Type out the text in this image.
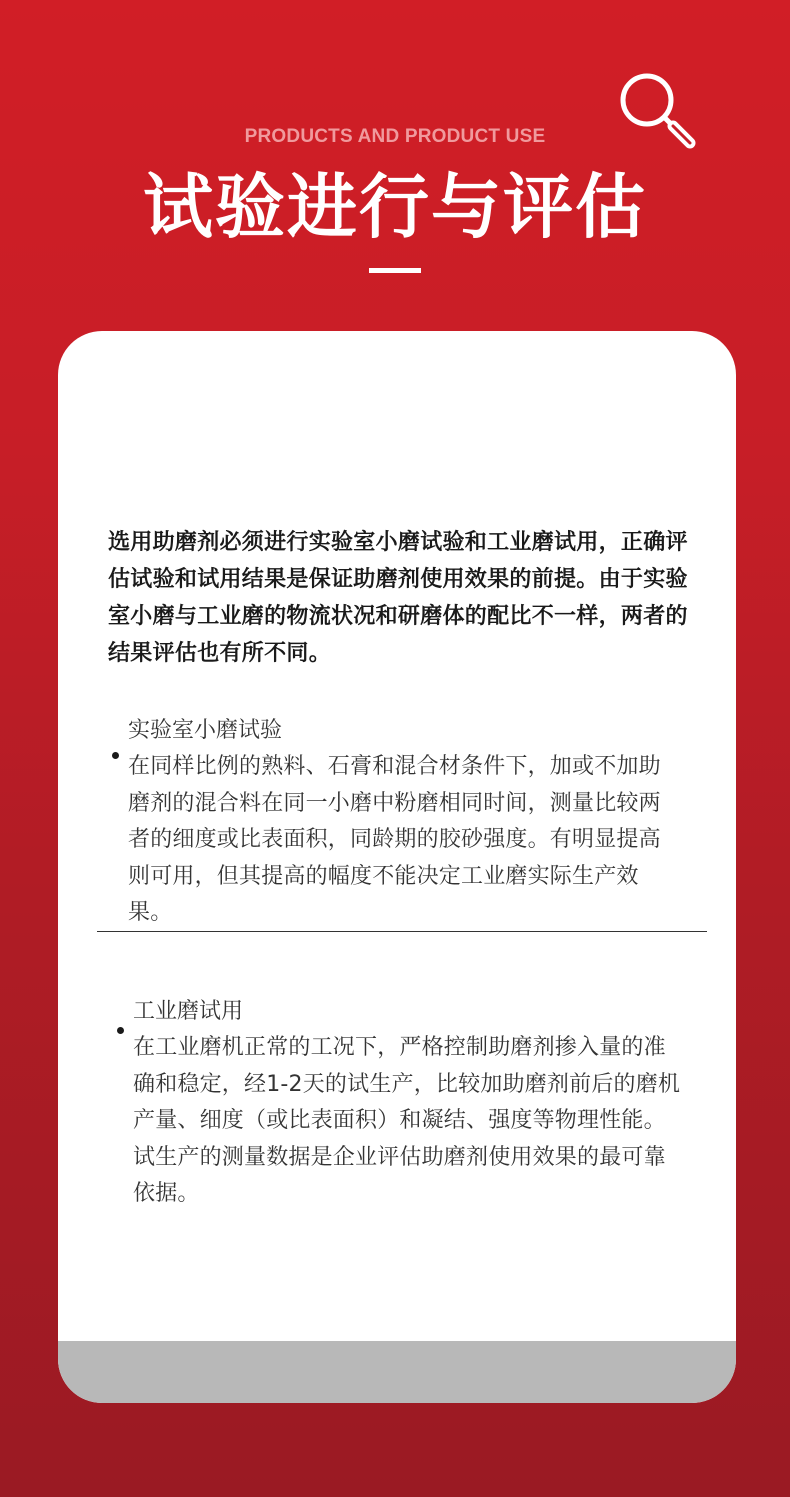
PRODUCTS AND PRODUCT USE
试验进行与评估

选用助磨剂必须进行实验室小磨试验和工业磨试用，正确评估试验和试用结果是保证助磨剂使用效果的前提。由于实验室小磨与工业磨的物流状况和研磨体的配比不一样，两者的结果评估也有所不同。

实验室小磨试验

在同样比例的熟料、石膏和混合材条件下，加或不加助磨剂的混合料在同一小磨中粉磨相同时间，测量比较两者的细度或比表面积，同龄期的胶砂强度。有明显提高则可用，但其提高的幅度不能决定工业磨实际生产效果。

工业磨试用

在工业磨机正常的工况下，严格控制助磨剂掺入量的准确和稳定，经1-2天的试生产，比较加助磨剂前后的磨机产量、细度（或比表面积）和凝结、强度等物理性能。试生产的测量数据是企业评估助磨剂使用效果的最可靠依据。
